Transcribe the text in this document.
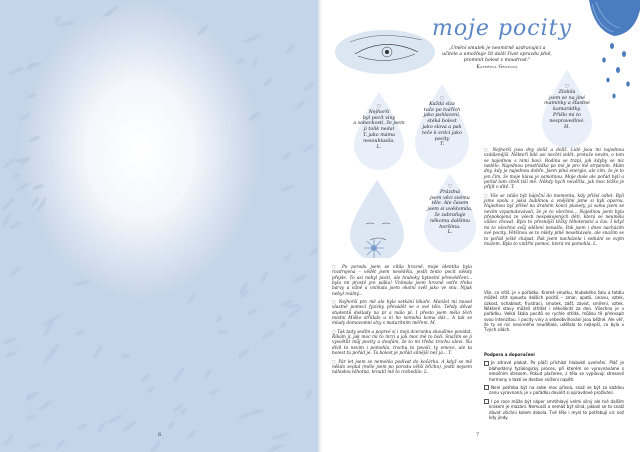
6
moje pocity
„Umění smutek je neomírně uzdravující a učitele a umožňuje žít další život opravdu plně, prominit bolest v moudrost."
Kateřina Grofová
◌
Nejhorší
byl pocit viny
a sobeckosti, že jsem
ji tolik nedal
T. jako máma
nesouhlasila.
L.
◌
Každá slza
toče po tvářích
jako pohlazení,
stéká bolest
jako slova a pak
teče k srdci jako
pocity
T.
◌
Zlobila
jsem se na jiné
maminky a šťastné
kamarádky.
Přišlo mi to
nespravedlivé.
H.
◌
Prázdná
jsem věci svému
těle. Ale časem
jsem si uvědomila,
že zabraňuje
někomu dalšímu
horšímu.
L.

◌ Po porodu jsem se cítila hrozně, moje identita byla rozdrojená – vědět jsem nevěděla, jestli tento pocit někdy přejde. To asi nebyl pocit, ale hluboký bytostní přesvědčení... byla mi prostě jen pálka! Vnímala jsem hrozně ostře třeba barvy a vůně a vnímala jsem okolní svět jako ve snu. Nijak nebyl reálný...

◌ Nejhorší pro mě ale byla setkání lékaře. Manžel mi musel vlastně pomoci fyzicky převádět se o své tělo. Tehdy děvat studentů doklady na pr a málo pl. I přesto jsem měla těch místní Miško střídalo u ní ho nemohu koma dát... A tak se mlady domovomní slzy s maturitním měřem. M.

◌ Tak tady sedím a poprvé si i mojí dcerunku skoušíme povídat. Říkám jí, jak moc mi to mrzí a jak moc mě to bolí. Snažím se jí vysvětlit můj pocity a doufám, že to mi třeba trochu ulevi. Na dívíl to nevím i pomohla, trochu to povolí, ty emoce, ale ta bolest tu pořád je. Ta bolest je pořád silnější než já... T.

◌ Pár let jsem se nemohla podívat do kočárku. A když se mě někdo zeptal (mělo jsem po porodu větší břicho), jestli nejsem náhodou těhotná, kroutil mě to rozhodilo. L.

◌ Nejhorší jsou dny doliž a doliž. Lidé jsou mi najednou vzdálenější. Někteří lidé asi nechtí vidět, protože nevím, o tom se najednou s nimi baví. Rodina se trápí, jak kdyby se nic nedělo. Najednou prostřádka po mé je pro mě strpením. Mám dny, kdy je najednou dobře. Jsem plná energie, ale vím, že je to jen čím, že moje klava je samotnou. Moje duše ale pořád bylí a pořád tam cítelí tiší mě. Někdy bych nevěřila, jak moc těžko je přijít o dítě. T.

◌ Vše se zdálo být báječní do momentu, kdy přišel odlet. Byli jsme spolu s jaksi bublinou a vnějšími jsme si byli oporou. Najednou byl přišel na drahém konci planety, já sama jsem se nevím vzpamatovávali, že je to všechno... Najednou jsem byla přepokojená ze všech nespokojených dětí, která se neuměla vůbec chovat. Bylo to přesnější těžký těhotenství a čas. I když mi to všechno svůj sdělení nenašlo. Pak jsem i dnes nacházím své pocity. Většinou se to nikdy plně nesetkávalo, ale snažím se to pořád ještě chápat. Pak jsem nacházela i setkání se svým mužem. Byla to vnitřní pomoc, která mi pomohla. L.

Vše, co cítíš, je v pořádku. Kromě smutku, hlubokého žalu a totálu můžeš cítit spoustu dalších pocitů – zmar, apatii, únavu, vztek, úzkost, ochablost, frustraci, smutek, zášť, závist, smíření, vztek. Některé stavy můžeš střídat i několikrát za den. Všechno je v pořádku. Velká škála pocitů se rychle střídá, můžou tě překvapit svou intenzitou. I pocity viny a sebeobviňování jsou běžné. Ale věř, že ty se nic nevinného neudělala, udělala to nejlepší, co bylo v Tvých silách.
Podpora a doporučení

Je zdravé plakat. Po pláči přichází hluboké uvolnění. Pláč je blahodárný fyziologický proces, při kterém se vyrovnáváme s emočním stresem. Pokud plačeme, z těla se vyplavují stresové hormony a také se dostaví snížení napětí.

Není potřeba být na sebe moc přísná, snaž se být za každou cenu vyrovnaná, je v pořádku dovolit si opravdové prožívání.

I po roce může být nápor smrtihlavý velmi silný ale tvé dalším krokem je mazání. Nemusíš a nemáš být silná, jakkoli se to snaží dávat všichni kolem dokola. Tvé tělo i mysl to potřebují víc než kdy jindy.

7
